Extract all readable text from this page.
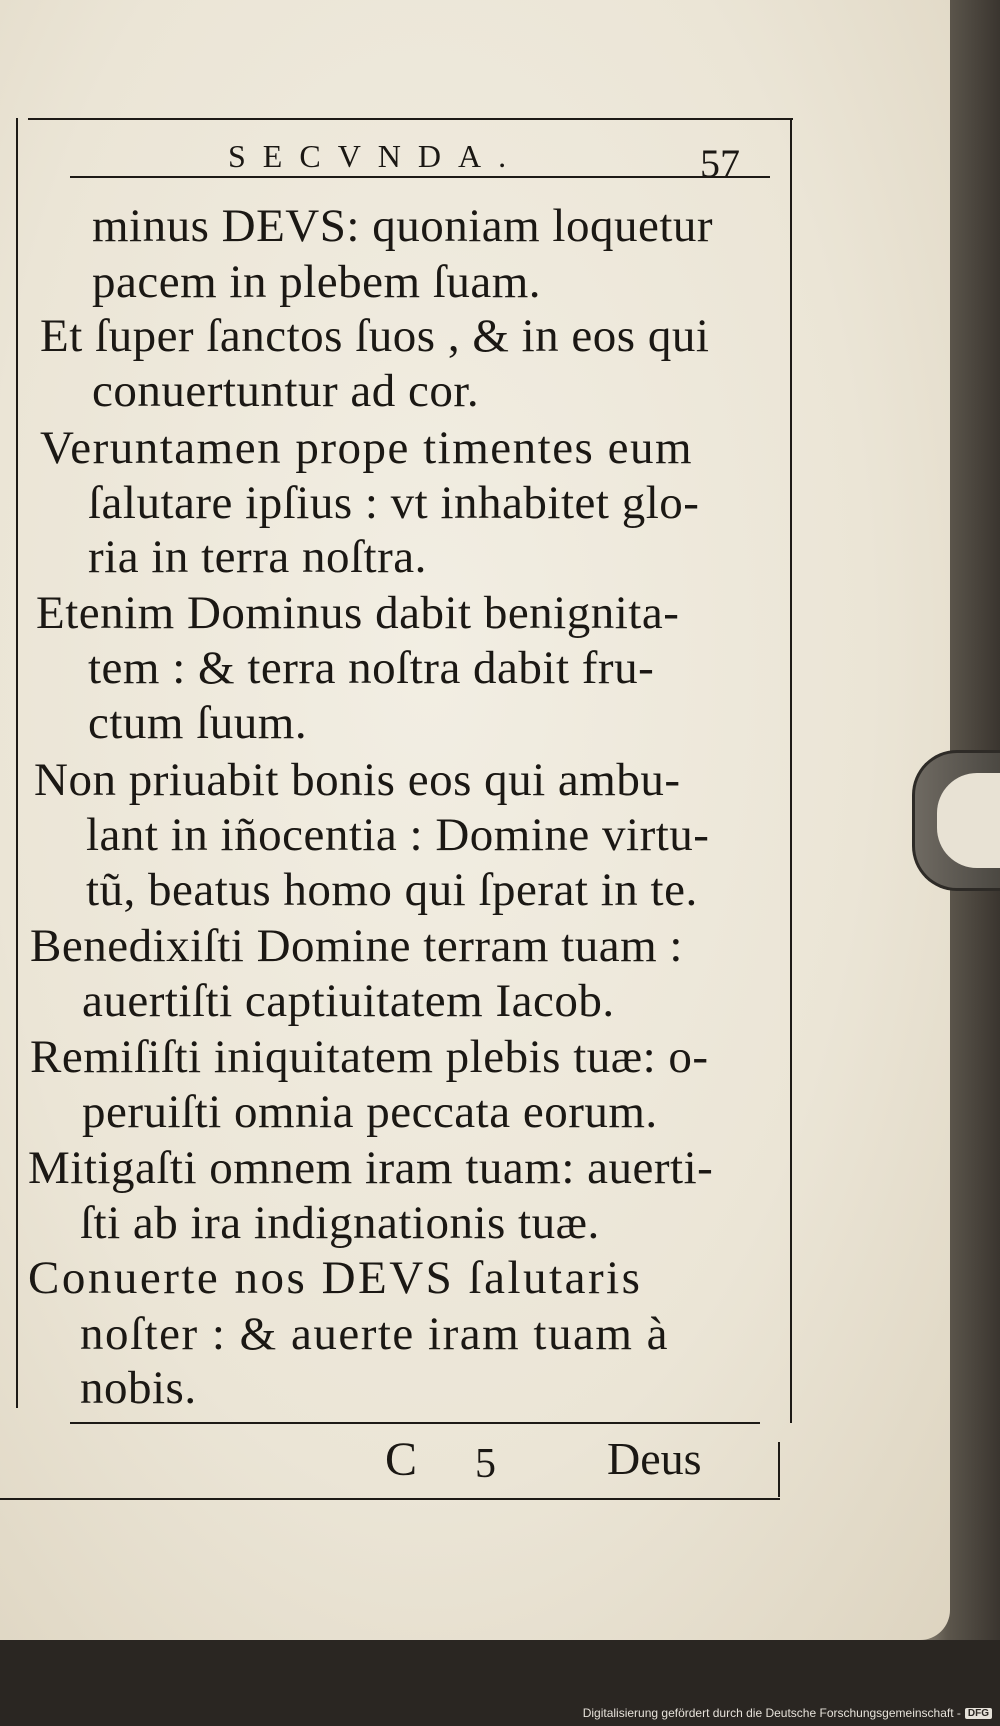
SECVNDA.	57
minus DEVS: quoniam loquetur
pacem in plebem ſuam.
Et ſuper ſanctos ſuos , & in eos qui
conuertuntur ad cor.
Veruntamen prope timentes eum
ſalutare ipſius : vt inhabitet glo-
ria in terra noſtra.
Etenim Dominus dabit benignita-
tem : & terra noſtra dabit fru-
ctum ſuum.
Non priuabit bonis eos qui ambu-
lant in iñocentia : Domine virtu-
tũ, beatus homo qui ſperat in te.
Benedixiſti Domine terram tuam :
auertiſti captiuitatem Iacob.
Remiſiſti iniquitatem plebis tuæ: o-
peruiſti omnia peccata eorum.
Mitigaſti omnem iram tuam: auerti-
ſti ab ira indignationis tuæ.
Conuerte nos DEVS ſalutaris
noſter : & auerte iram tuam à
nobis.
C 5 Deus
Digitalisierung gefördert durch die Deutsche Forschungsgemeinschaft - DFG
